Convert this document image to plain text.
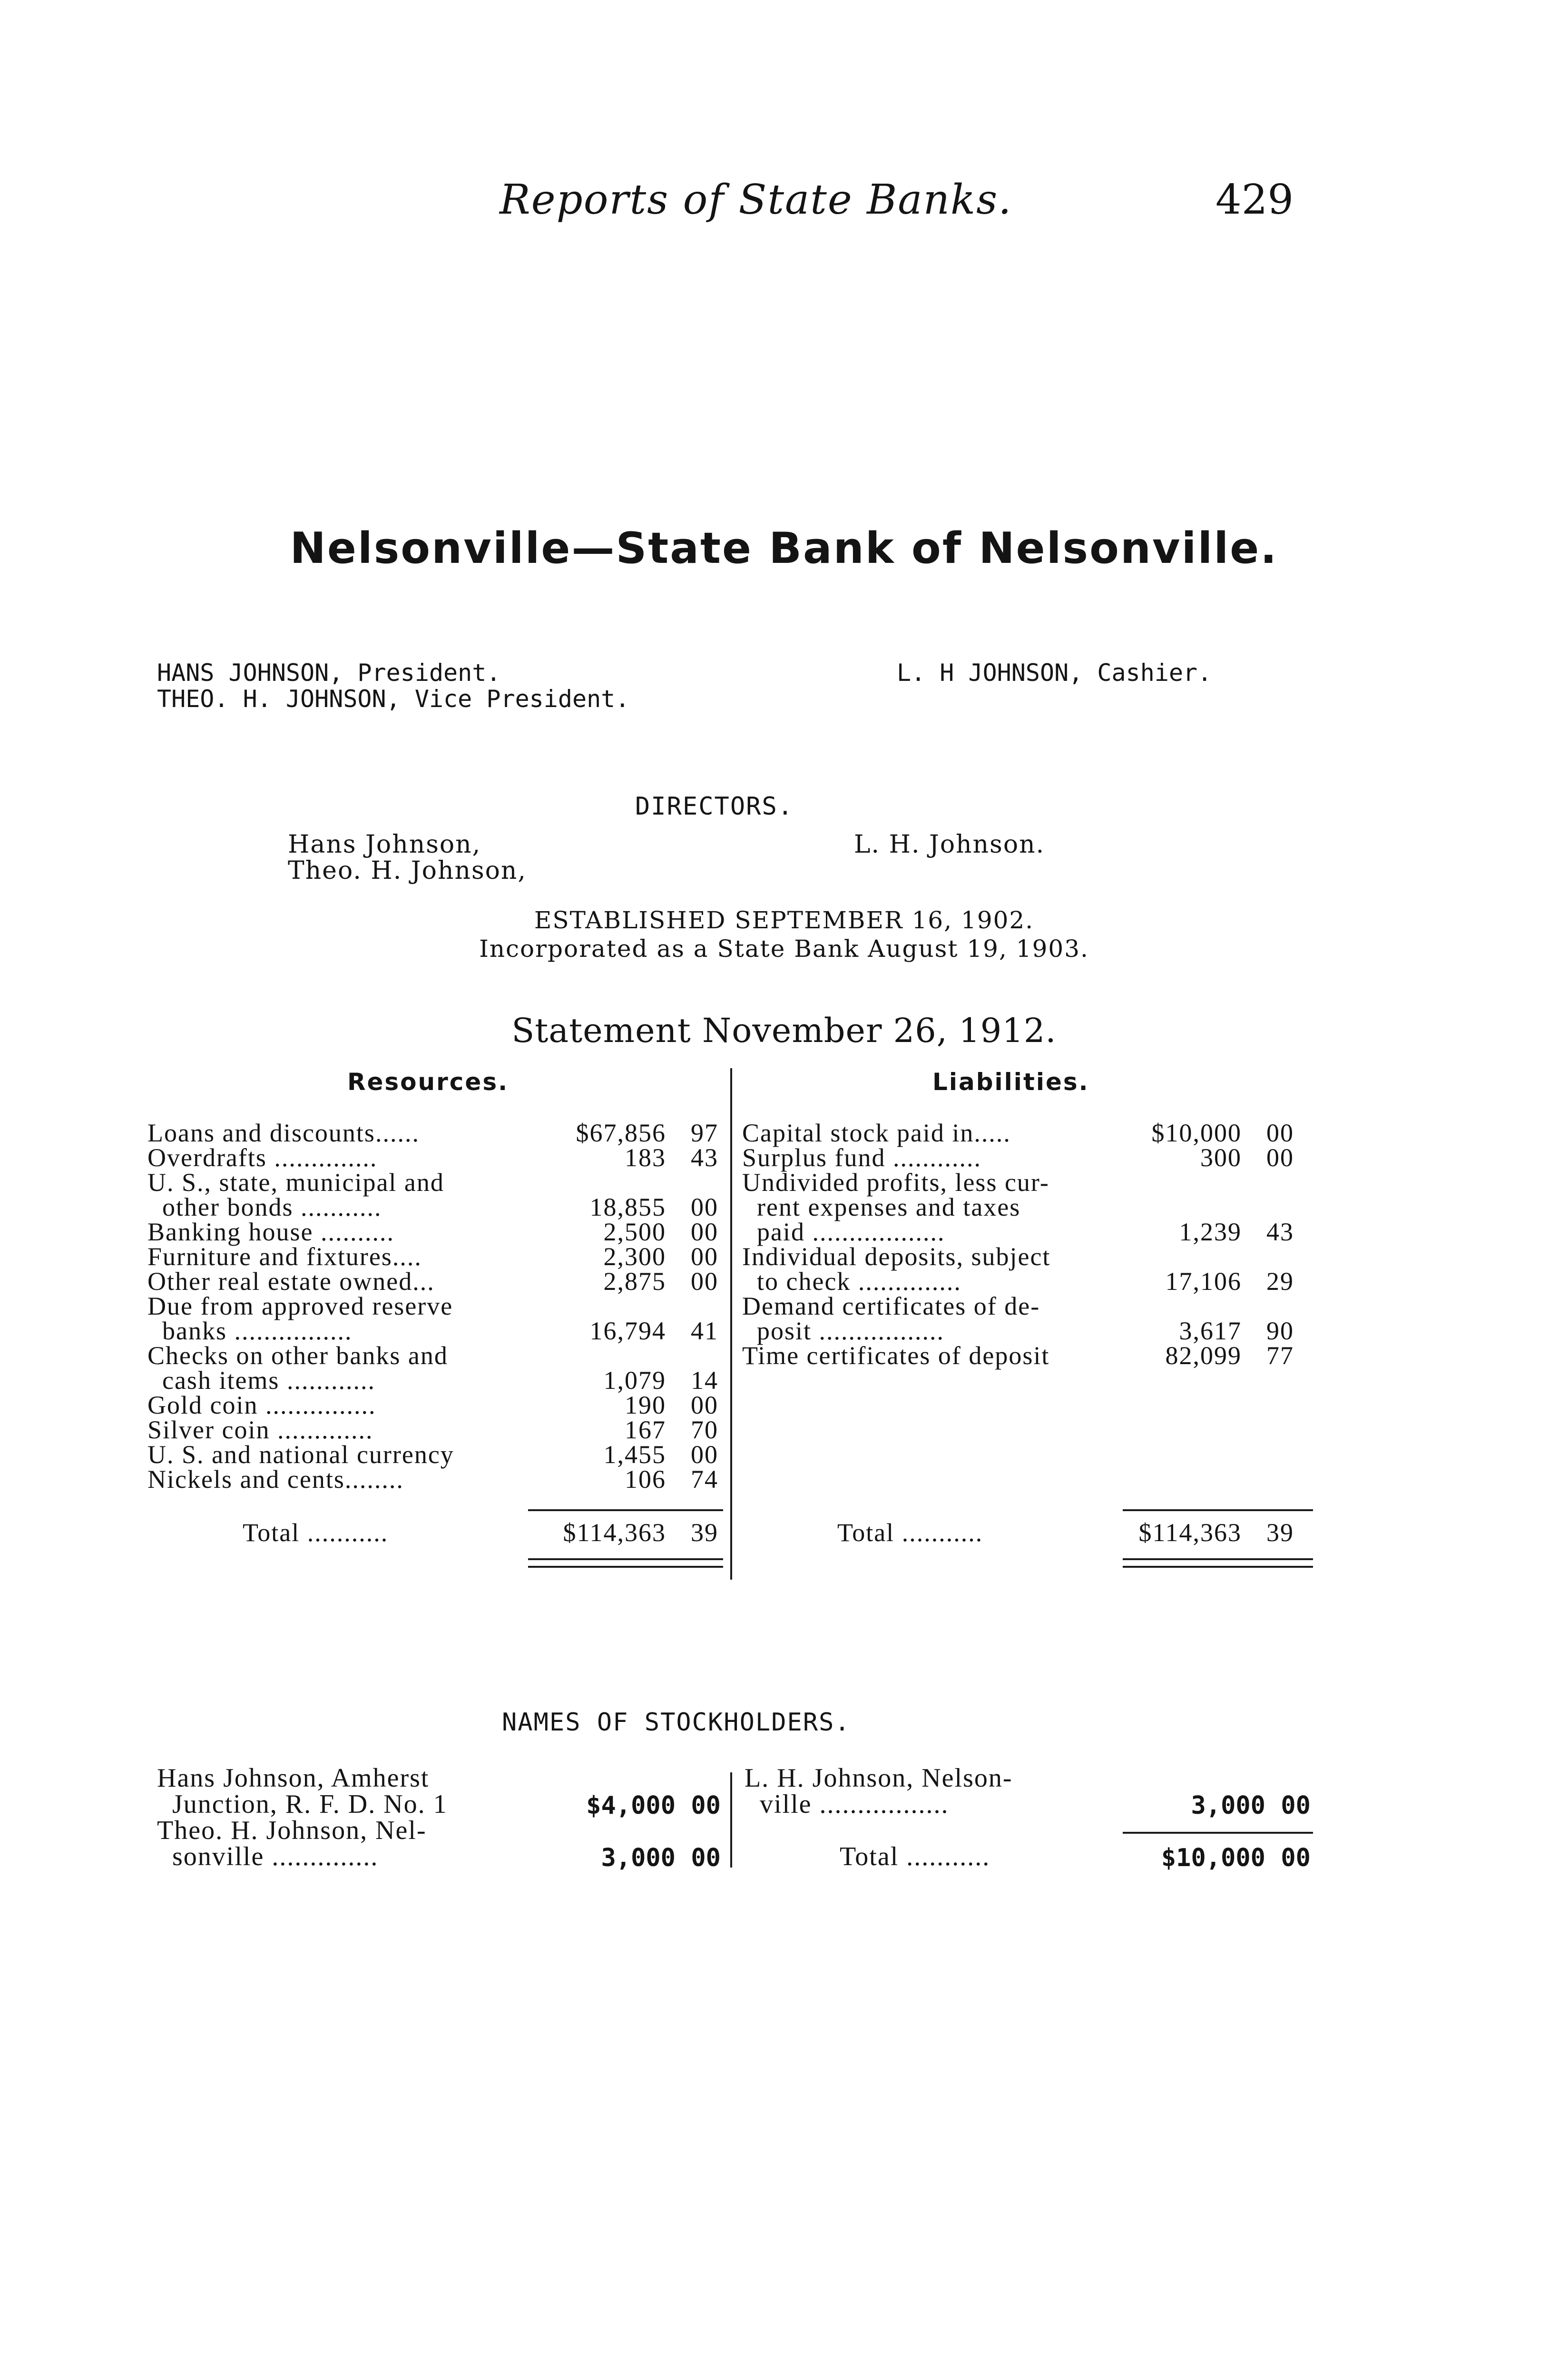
Reports of State Banks.	429
Nelsonville—State Bank of Nelsonville.
HANS JOHNSON, President.
THEO. H. JOHNSON, Vice President.
L. H JOHNSON, Cashier.
DIRECTORS.
Hans Johnson,
Theo. H. Johnson,
L. H. Johnson.
ESTABLISHED SEPTEMBER 16, 1902.
Incorporated as a State Bank August 19, 1903.
Statement November 26, 1912.
Resources.	Liabilities.
Loans and discounts......	$67,856 97
Overdrafts ..............	183 43
U. S., state, municipal and
other bonds ...........	18,855 00
Banking house ..........	2,500 00
Furniture and fixtures....	2,300 00
Other real estate owned...	2,875 00
Due from approved reserve
banks ................	16,794 41
Checks on other banks and
cash items ............	1,079 14
Gold coin ...............	190 00
Silver coin .............	167 70
U. S. and national currency	1,455 00
Nickels and cents........	106 74
Total ...........	$114,363 39
Capital stock paid in.....	$10,000 00
Surplus fund ............	300 00
Undivided profits, less cur-
rent expenses and taxes
paid ..................	1,239 43
Individual deposits, subject
to check ..............	17,106 29
Demand certificates of de-
posit .................	3,617 90
Time certificates of deposit	82,099 77
Total ...........	$114,363 39
NAMES OF STOCKHOLDERS.
Hans Johnson, Amherst
Junction, R. F. D. No. 1	$4,000 00
Theo. H. Johnson, Nel-
sonville ..............	3,000 00
L. H. Johnson, Nelson-
ville .................	3,000 00
Total ...........	$10,000 00
